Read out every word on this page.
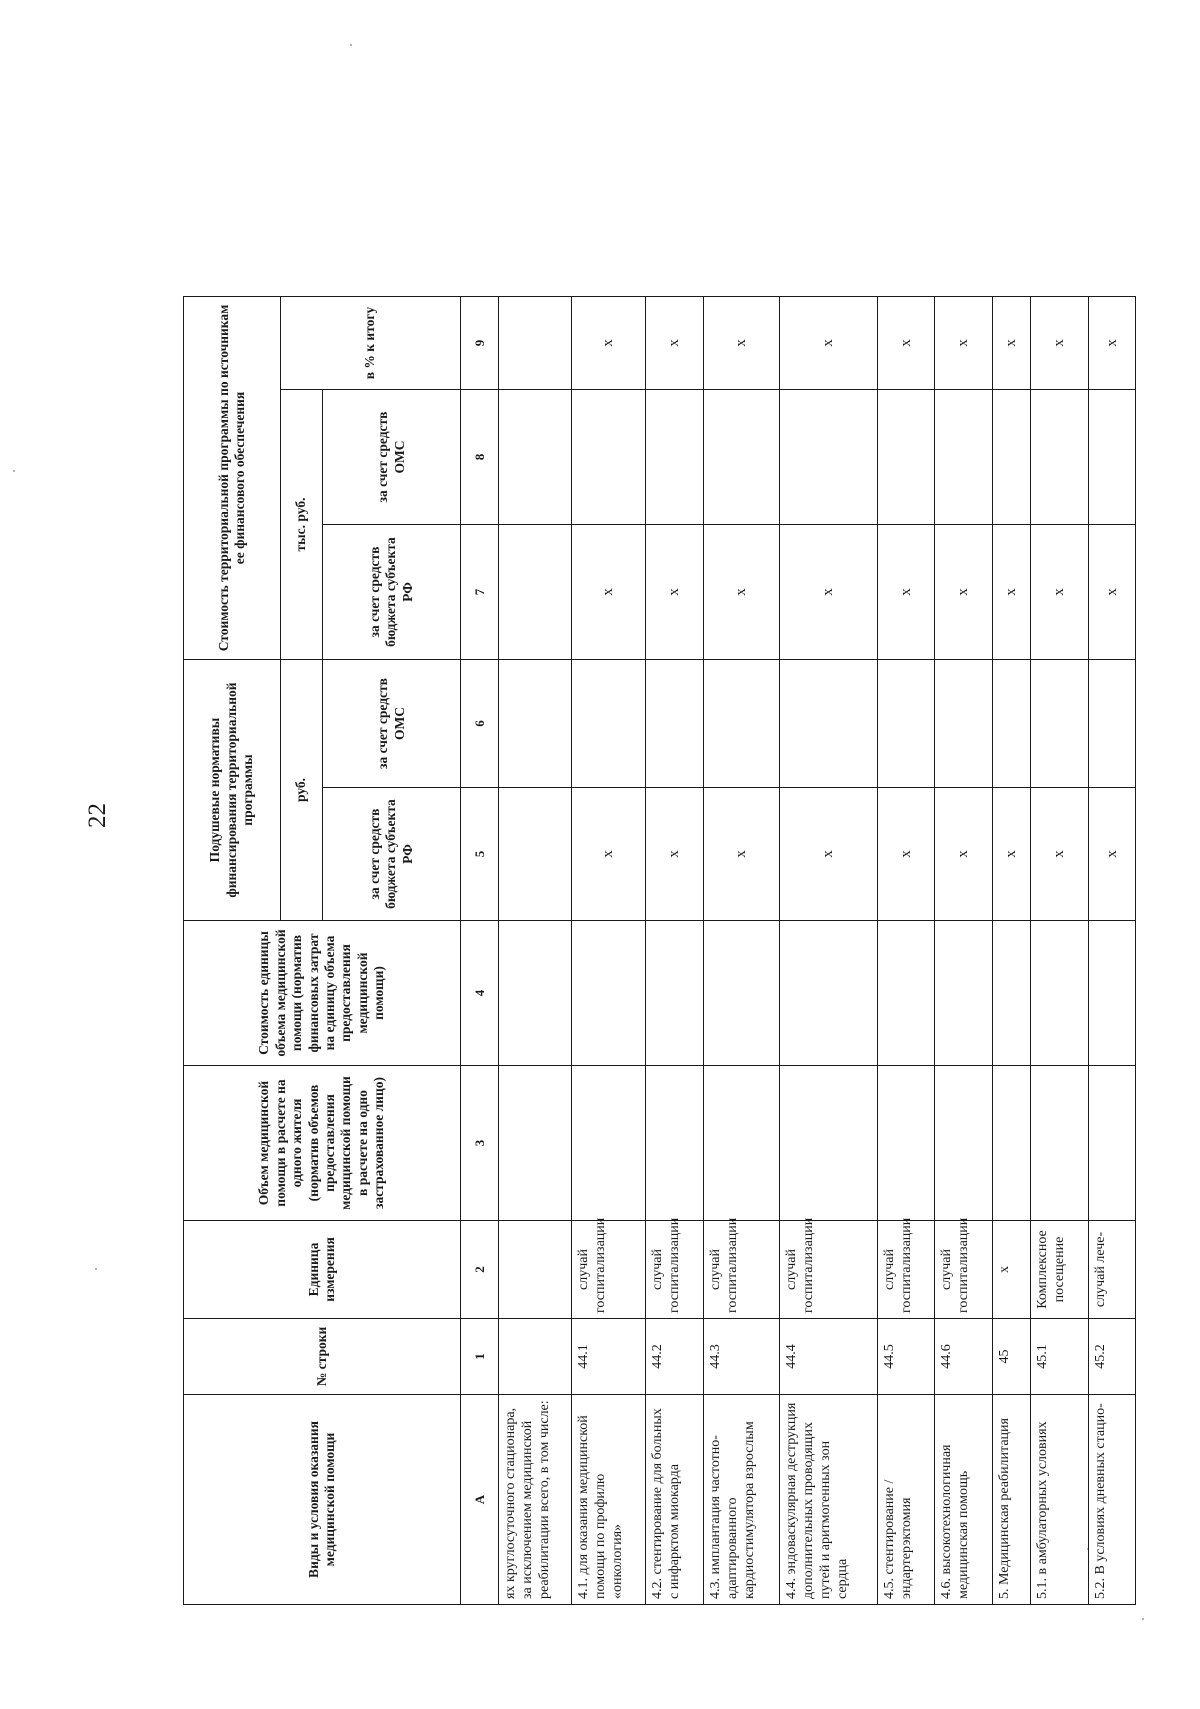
22
Виды и условия оказания медицинской помощи	№ строки	Единица измерения	Объем медицинской помощи в расчете на одного жителя (норматив объемов предоставления медицинской помощи в расчете на одно застрахованное лицо)	Стоимость единицы объема медицинской помощи (норматив финансовых затрат на единицу объема предоставления медицинской помощи)	Подушевые нормативы финансирования территориальной программы		Стоимость территориальной программы по источникам ее финансового обеспечения			
					руб.		тыс. руб.		в % к итогу	
					за счет средств бюджета субъекта РФ	за счет средств ОМС	за счет средств бюджета субъекта РФ	за счет средств ОМС		
А	1	2	3	4	5	6	7	8	9	
ях круглосуточного стационара, за исключением медицинской реабилитации всего, в том числе:										
4.1. для оказания медицинской помощи по профилю «онкология»	44.1	случай госпитализации			х		х		х	
4.2. стентирование для больных с инфарктом миокарда	44.2	случай госпитализации			х		х		х	
4.3. имплантация частотно-адаптированного кардиостимулятора взрослым	44.3	случай госпитализации			х		х		х	
4.4. эндоваскулярная деструкция дополнительных проводящих путей и аритмогенных зон сердца	44.4	случай госпитализации			х		х		х	
4.5. стентирование / эндартерэктомия	44.5	случай госпитализации			х		х		х	
4.6. высокотехнологичная медицинская помощь	44.6	случай госпитализации			х		х		х	
5. Медицинская реабилитация	45	х			х		х		х	
5.1. в амбулаторных условиях	45.1	Комплексное посещение			х		х		х	
5.2. В условиях дневных стацио-	45.2	случай лече-			х		х		х	
